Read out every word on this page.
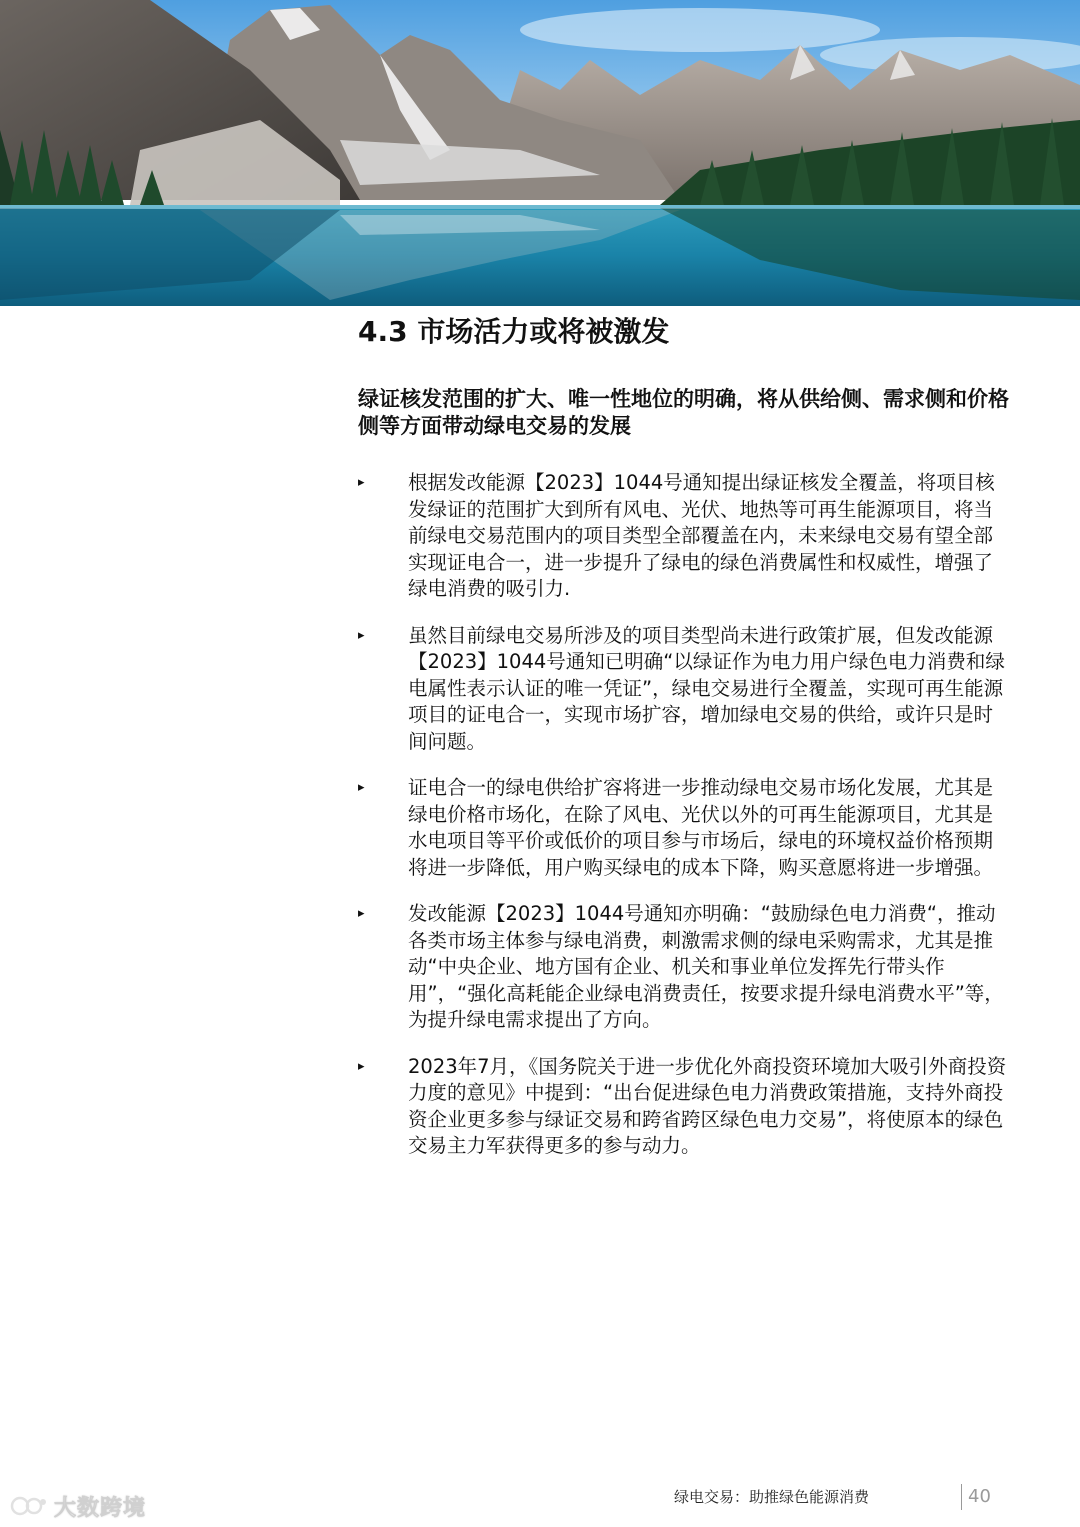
4.3 市场活力或将被激发

绿证核发范围的扩大、唯一性地位的明确，将从供给侧、需求侧和价格侧等方面带动绿电交易的发展

▸	根据发改能源【2023】1044号通知提出绿证核发全覆盖，将项目核发绿证的范围扩大到所有风电、光伏、地热等可再生能源项目，将当前绿电交易范围内的项目类型全部覆盖在内，未来绿电交易有望全部实现证电合一，进一步提升了绿电的绿色消费属性和权威性，增强了绿电消费的吸引力.
▸	虽然目前绿电交易所涉及的项目类型尚未进行政策扩展，但发改能源【2023】1044号通知已明确“以绿证作为电力用户绿色电力消费和绿电属性表示认证的唯一凭证”，绿电交易进行全覆盖，实现可再生能源项目的证电合一，实现市场扩容，增加绿电交易的供给，或许只是时间问题。
▸	证电合一的绿电供给扩容将进一步推动绿电交易市场化发展，尤其是绿电价格市场化，在除了风电、光伏以外的可再生能源项目，尤其是水电项目等平价或低价的项目参与市场后，绿电的环境权益价格预期将进一步降低，用户购买绿电的成本下降，购买意愿将进一步增强。
▸	发改能源【2023】1044号通知亦明确：“鼓励绿色电力消费“，推动各类市场主体参与绿电消费，刺激需求侧的绿电采购需求，尤其是推动“中央企业、地方国有企业、机关和事业单位发挥先行带头作用”，“强化高耗能企业绿电消费责任，按要求提升绿电消费水平”等，为提升绿电需求提出了方向。
▸	2023年7月，《国务院关于进一步优化外商投资环境加大吸引外商投资力度的意见》中提到：“出台促进绿色电力消费政策措施，支持外商投资企业更多参与绿证交易和跨省跨区绿色电力交易”，将使原本的绿色交易主力军获得更多的参与动力。
绿电交易：助推绿色能源消费	40
大数跨境
